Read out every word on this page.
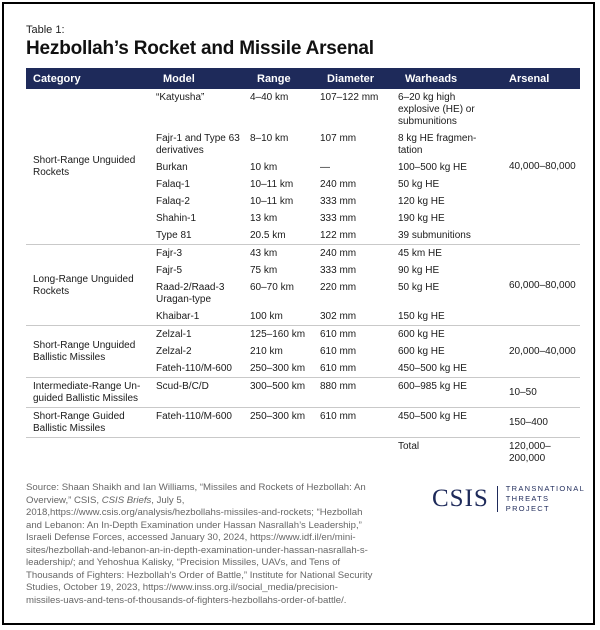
Table 1:
Hezbollah’s Rocket and Missile Arsenal
Category	Model	Range	Diameter	Warheads	Arsenal
Short-Range Unguided Rockets	“Katyusha”	4–40 km	107–122 mm	6–20 kg high explosive (HE) or submunitions	40,000–80,000
	Fajr-1 and Type 63 derivatives	8–10 km	107 mm	8 kg HE fragmen-tation	
	Burkan	10 km	—	100–500 kg HE	
	Falaq-1	10–11 km	240 mm	50 kg HE	
	Falaq-2	10–11 km	333 mm	120 kg HE	
	Shahin-1	13 km	333 mm	190 kg HE	
	Type 81	20.5 km	122 mm	39 submunitions	
Long-Range Unguided Rockets	Fajr-3	43 km	240 mm	45 km HE	60,000–80,000
	Fajr-5	75 km	333 mm	90 kg HE	
	Raad-2/Raad-3 Uragan-type	60–70 km	220 mm	50 kg HE	
	Khaibar-1	100 km	302 mm	150 kg HE	
Short-Range Unguided Ballistic Missiles	Zelzal-1	125–160 km	610 mm	600 kg HE	20,000–40,000
	Zelzal-2	210 km	610 mm	600 kg HE	
	Fateh-110/M-600	250–300 km	610 mm	450–500 kg HE	
Intermediate-Range Un-guided Ballistic Missiles	Scud-B/C/D	300–500 km	880 mm	600–985 kg HE	10–50
Short-Range Guided Ballistic Missiles	Fateh-110/M-600	250–300 km	610 mm	450–500 kg HE	150–400
				Total	120,000–200,000
Source: Shaan Shaikh and Ian Williams, “Missiles and Rockets of Hezbollah: An Overview,” CSIS, CSIS Briefs, July 5, 2018,https://www.csis.org/analysis/hezbollahs-missiles-and-rockets; “Hezbollah and Lebanon: An In-Depth Examination under Hassan Nasrallah’s Leadership,” Israeli Defense Forces, accessed January 30, 2024, https://www.idf.il/en/mini-sites/hezbollah-and-lebanon-an-in-depth-examination-under-hassan-nasrallah-s-leadership/; and Yehoshua Kalisky, “Precision Missiles, UAVs, and Tens of Thousands of Fighters: Hezbollah’s Order of Battle,” Institute for National Security Studies, October 19, 2023, https://www.inss.org.il/social_media/precision-missiles-uavs-and-tens-of-thousands-of-fighters-hezbollahs-order-of-battle/.
CSIS TRANSNATIONAL
THREATS PROJECT
